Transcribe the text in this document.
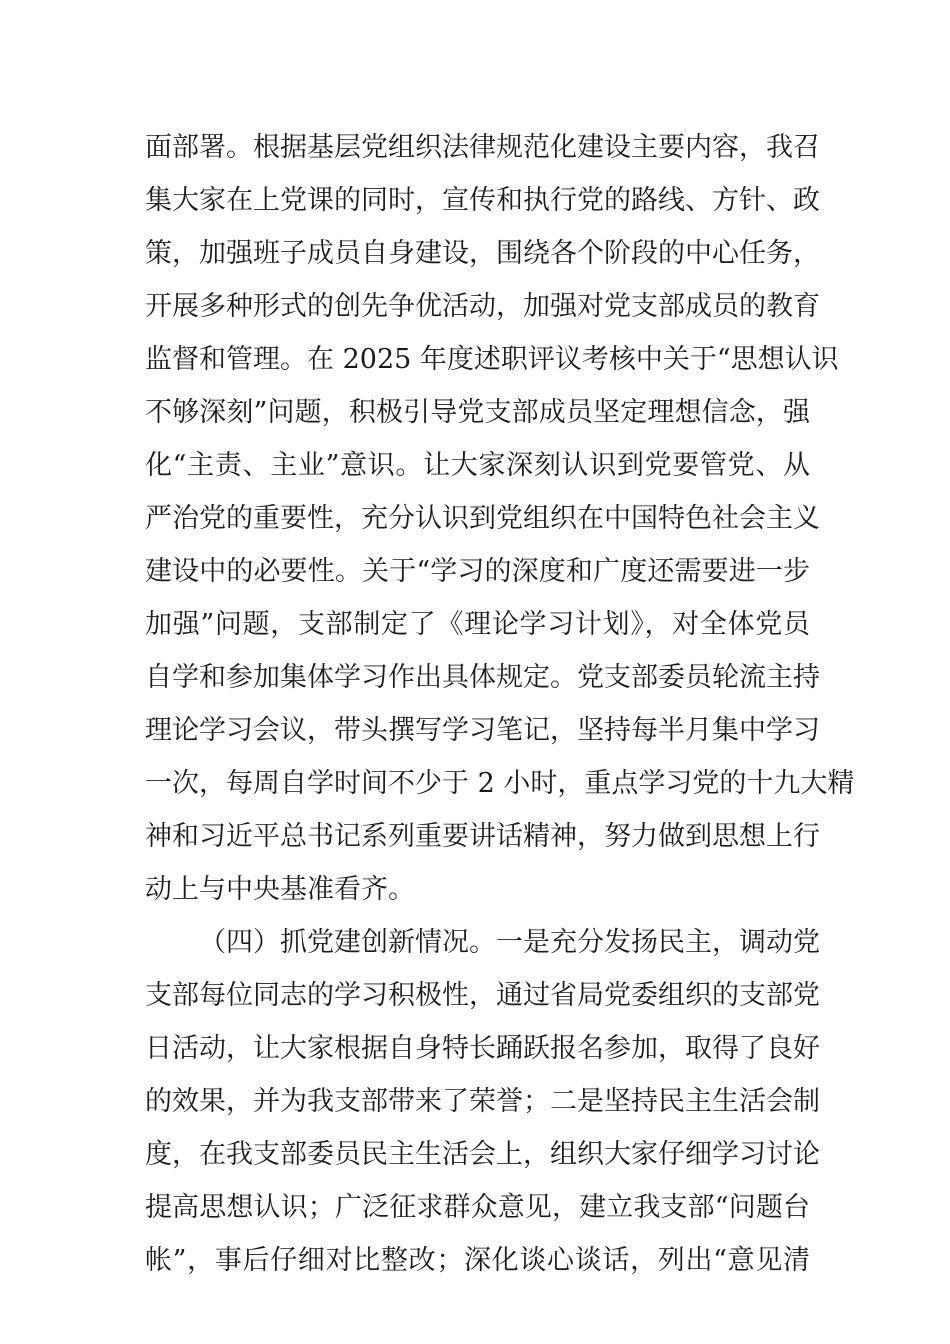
面部署。根据基层党组织法律规范化建设主要内容，我召
集大家在上党课的同时，宣传和执行党的路线、方针、政
策，加强班子成员自身建设，围绕各个阶段的中心任务，
开展多种形式的创先争优活动，加强对党支部成员的教育
监督和管理。在 2025 年度述职评议考核中关于“思想认识
不够深刻”问题，积极引导党支部成员坚定理想信念，强
化“主责、主业”意识。让大家深刻认识到党要管党、从
严治党的重要性，充分认识到党组织在中国特色社会主义
建设中的必要性。关于“学习的深度和广度还需要进一步
加强”问题，支部制定了《理论学习计划》，对全体党员
自学和参加集体学习作出具体规定。党支部委员轮流主持
理论学习会议，带头撰写学习笔记，坚持每半月集中学习
一次，每周自学时间不少于 2 小时，重点学习党的十九大精
神和习近平总书记系列重要讲话精神，努力做到思想上行
动上与中央基准看齐。
（四）抓党建创新情况。一是充分发扬民主，调动党
支部每位同志的学习积极性，通过省局党委组织的支部党
日活动，让大家根据自身特长踊跃报名参加，取得了良好
的效果，并为我支部带来了荣誉；二是坚持民主生活会制
度，在我支部委员民主生活会上，组织大家仔细学习讨论
提高思想认识；广泛征求群众意见，建立我支部“问题台
帐”，事后仔细对比整改；深化谈心谈话，列出“意见清
